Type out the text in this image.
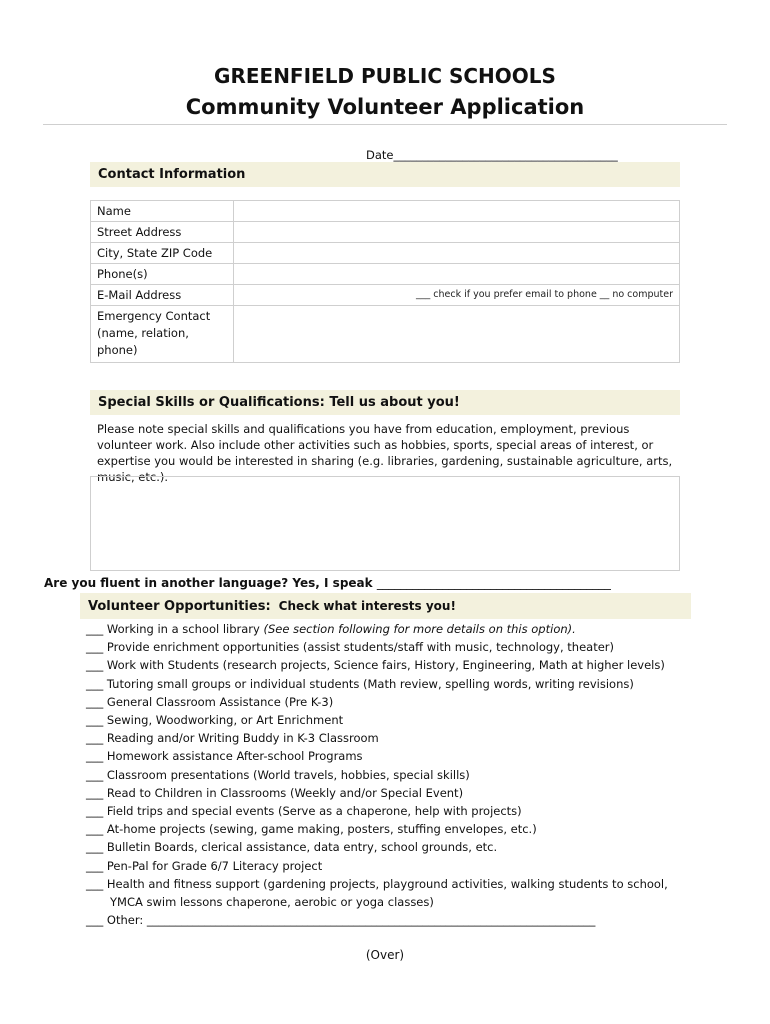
GREENFIELD PUBLIC SCHOOLS
Community Volunteer Application
Date_______________________________________
Contact Information
Name	
Street Address	
City, State ZIP Code	
Phone(s)	
E-Mail Address	___ check if you prefer email to phone __ no computer

Emergency Contact
(name, relation,
phone)	

Special Skills or Qualifications: Tell us about you!

Please note special skills and qualifications you have from education, employment, previous volunteer work. Also include other activities such as hobbies, sports, special areas of interest, or expertise you would be interested in sharing (e.g. libraries, gardening, sustainable agriculture, arts, music, etc.).

Are you fluent in another language? Yes, I speak _______________________________________
Volunteer Opportunities: Check what interests you!
___ Working in a school library (See section following for more details on this option).
___ Provide enrichment opportunities (assist students/staff with music, technology, theater)
___ Work with Students (research projects, Science fairs, History, Engineering, Math at higher levels)
___ Tutoring small groups or individual students (Math review, spelling words, writing revisions)
___ General Classroom Assistance (Pre K-3)
___ Sewing, Woodworking, or Art Enrichment
___ Reading and/or Writing Buddy in K-3 Classroom
___ Homework assistance After-school Programs
___ Classroom presentations (World travels, hobbies, special skills)
___ Read to Children in Classrooms (Weekly and/or Special Event)
___ Field trips and special events (Serve as a chaperone, help with projects)
___ At-home projects (sewing, game making, posters, stuffing envelopes, etc.)
___ Bulletin Boards, clerical assistance, data entry, school grounds, etc.
___ Pen-Pal for Grade 6/7 Literacy project
___ Health and fitness support (gardening projects, playground activities, walking students to school,
YMCA swim lessons chaperone, aerobic or yoga classes)
___ Other: ______________________________________________________________________________
(Over)
